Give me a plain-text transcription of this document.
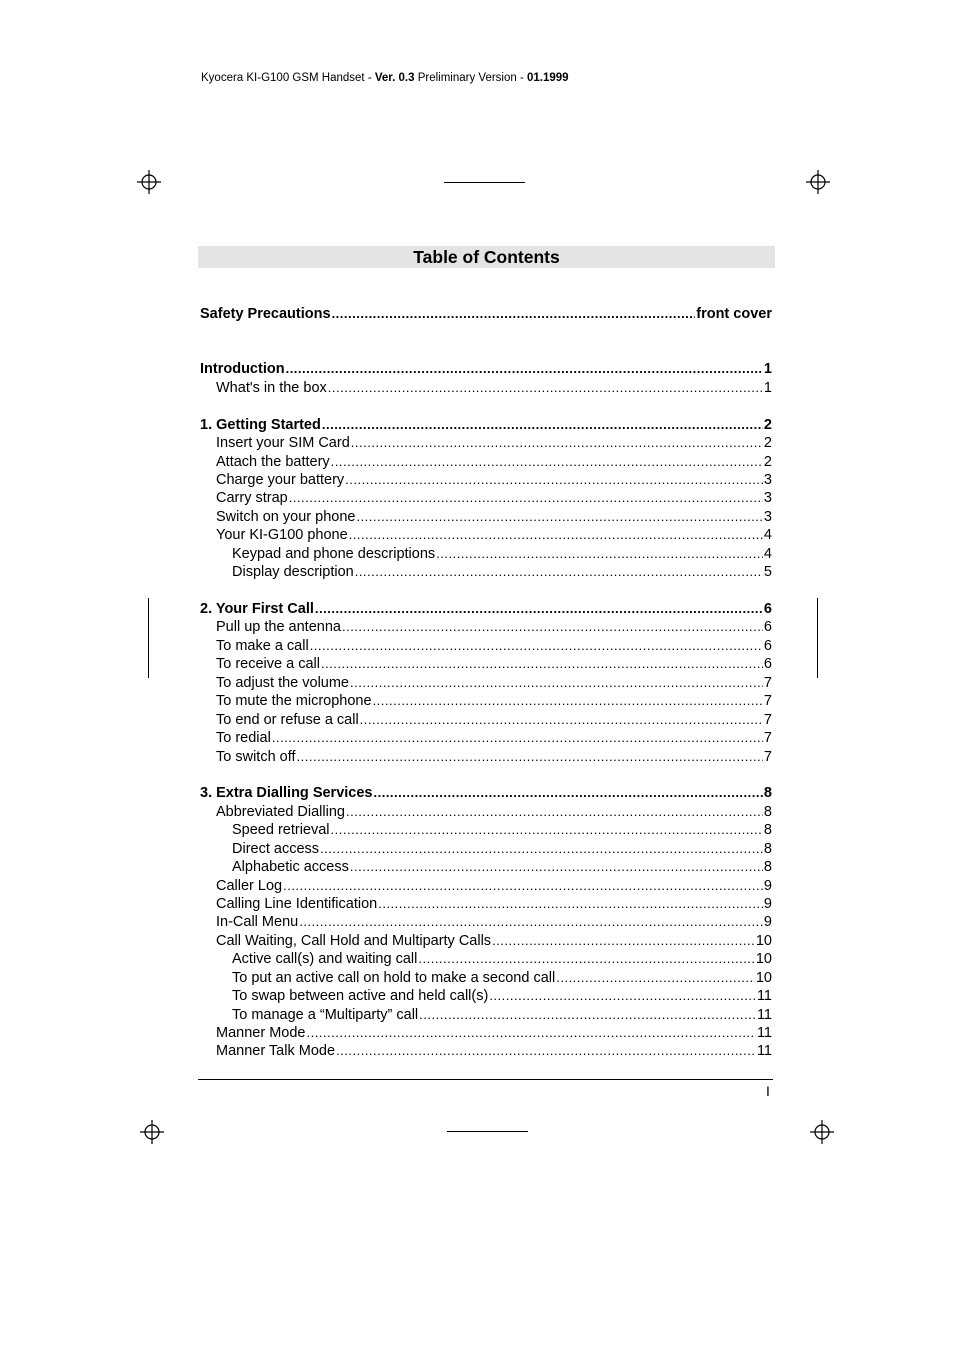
Kyocera KI-G100 GSM Handset - Ver. 0.3 Preliminary Version - 01.1999
Table of Contents
Safety Precautions .....	front cover
Introduction .....	1
What's in the box .....	1
1. Getting Started .....	2
Insert your SIM Card .....	2
Attach the battery .....	2
Charge your battery .....	3
Carry strap .....	3
Switch on your phone .....	3
Your KI-G100 phone .....	4
Keypad and phone descriptions .....	4
Display description .....	5
2. Your First Call .....	6
Pull up the antenna .....	6
To make a call .....	6
To receive a call .....	6
To adjust the volume .....	7
To mute the microphone .....	7
To end or refuse a call .....	7
To redial .....	7
To switch off .....	7
3. Extra Dialling Services .....	8
Abbreviated Dialling .....	8
Speed retrieval .....	8
Direct access .....	8
Alphabetic access .....	8
Caller Log .....	9
Calling Line Identification .....	9
In-Call Menu .....	9
Call Waiting, Call Hold and Multiparty Calls .....	10
Active call(s) and waiting call .....	10
To put an active call on hold to make a second call .....	10
To swap between active and held call(s) .....	11
To manage a “Multiparty” call .....	11
Manner Mode .....	11
Manner Talk Mode .....	11
I
